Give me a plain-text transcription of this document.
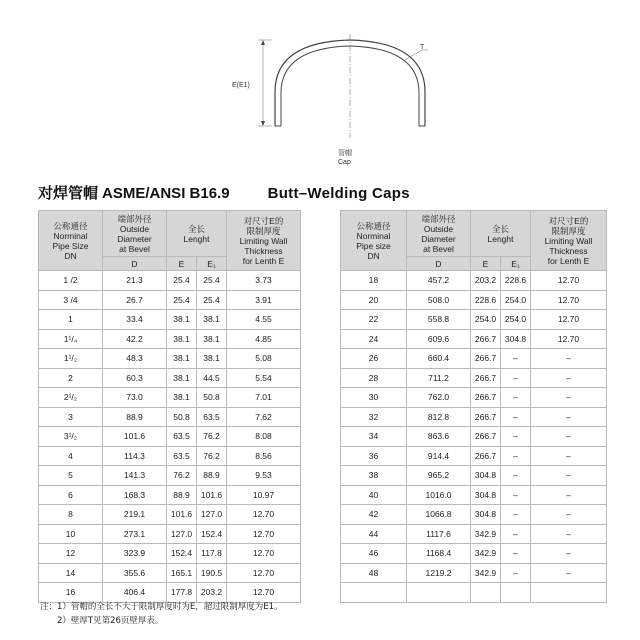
E(E1)
T
管帽
Cap
对焊管帽 ASME/ANSI B16.9	Butt–Welding Caps
公称通径
Norminal
Pipe Size
DN	端部外径
Outside
Diameter
at Bevel	全长
Lenght		对尺寸E的
限制厚度
Limiting Wall
Thickness
for Lenth E

	D	E	E₁	
1 /2	21.3	25.4	25.4	3.73
3 /4	26.7	25.4	25.4	3.91
1	33.4	38.1	38.1	4.55
1¹/₄	42.2	38.1	38.1	4.85
1¹/₂	48.3	38.1	38.1	5.08
2	60.3	38.1	44.5	5.54
2¹/₂	73.0	38.1	50.8	7.01
3	88.9	50.8	63.5	7.62
3¹/₂	101.6	63.5	76.2	8.08
4	114.3	63.5	76.2	8.56
5	141.3	76.2	88.9	9.53
6	168.3	88.9	101.6	10.97
8	219.1	101.6	127.0	12.70
10	273.1	127.0	152.4	12.70
12	323.9	152.4	117.8	12.70
14	355.6	165.1	190.5	12.70
16	406.4	177.8	203.2	12.70
公称通径
Norminal
Pipe size
DN	端部外径
Outside
Diameter
at Bevel	全长
Lenght		对尺寸E的
限制厚度
Limiting Wall
Thickness
for Lenth E

	D	E	E₁	
18	457.2	203.2	228.6	12.70
20	508.0	228.6	254.0	12.70
22	558.8	254.0	254.0	12.70
24	609.6	266.7	304.8	12.70
26	660.4	266.7	–	–
28	711.2	266.7	–	–
30	762.0	266.7	–	–
32	812.8	266.7	–	–
34	863.6	266.7	–	–
36	914.4	266.7	–	–
38	965.2	304.8	–	–
40	1016.0	304.8	–	–
42	1066.8	304.8	–	–
44	1117.6	342.9	–	–
46	1168.4	342.9	–	–
48	1219.2	342.9	–	–

注：1）管帽的全长不大于限制厚度时为E，超过限制厚度为E1。
2）壁厚T见第26页壁厚表。
